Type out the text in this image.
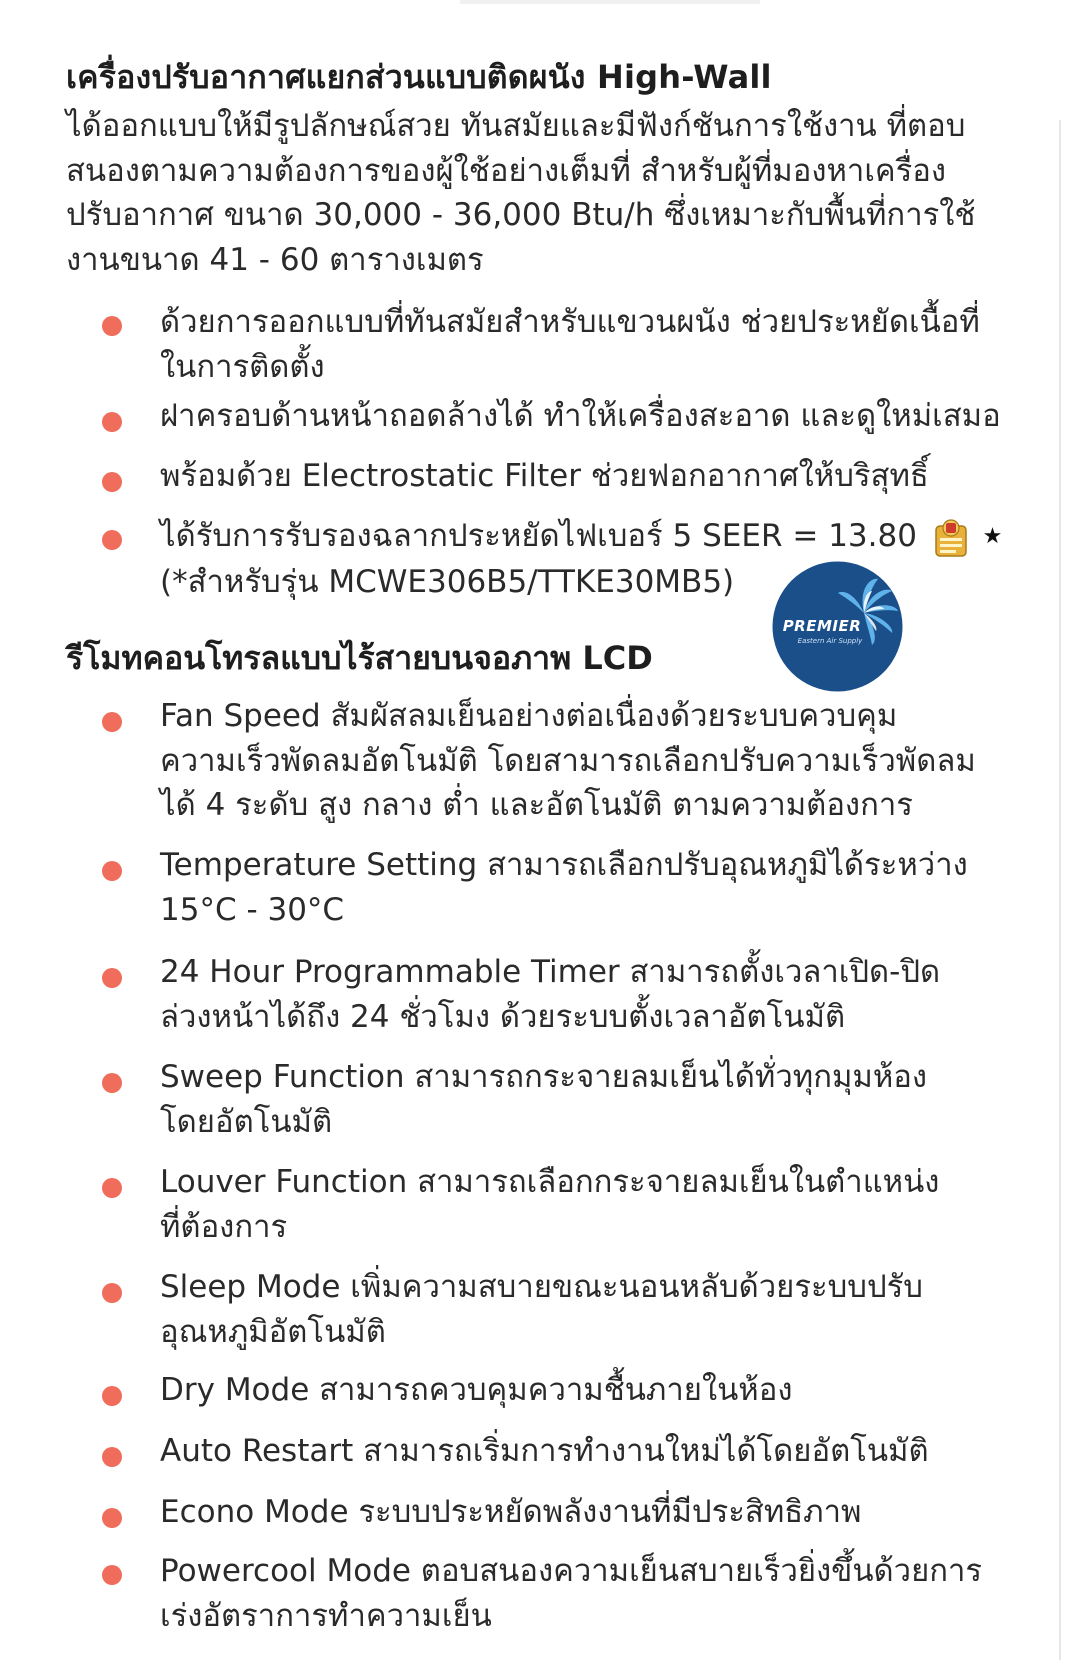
เครื่องปรับอากาศแยกส่วนแบบติดผนัง High-Wall
ได้ออกแบบให้มีรูปลักษณ์สวย ทันสมัยและมีฟังก์ชันการใช้งาน ที่ตอบ
สนองตามความต้องการของผู้ใช้อย่างเต็มที่ สำหรับผู้ที่มองหาเครื่อง
ปรับอากาศ ขนาด 30,000 - 36,000 Btu/h ซึ่งเหมาะกับพื้นที่การใช้
งานขนาด 41 - 60 ตารางเมตร
ด้วยการออกแบบที่ทันสมัยสำหรับแขวนผนัง ช่วยประหยัดเนื้อที่
ในการติดตั้ง
ฝาครอบด้านหน้าถอดล้างได้ ทำให้เครื่องสะอาด และดูใหม่เสมอ
พร้อมด้วย Electrostatic Filter ช่วยฟอกอากาศให้บริสุทธิ์
ได้รับการรับรองฉลากประหยัดไฟเบอร์ 5 SEER = 13.80	★
(*สำหรับรุ่น MCWE306B5/TTKE30MB5)
PREMIER
Eastern Air Supply
รีโมทคอนโทรลแบบไร้สายบนจอภาพ LCD
Fan Speed สัมผัสลมเย็นอย่างต่อเนื่องด้วยระบบควบคุม
ความเร็วพัดลมอัตโนมัติ โดยสามารถเลือกปรับความเร็วพัดลม
ได้ 4 ระดับ สูง กลาง ต่ำ และอัตโนมัติ ตามความต้องการ
Temperature Setting สามารถเลือกปรับอุณหภูมิได้ระหว่าง
15°C - 30°C
24 Hour Programmable Timer สามารถตั้งเวลาเปิด-ปิด
ล่วงหน้าได้ถึง 24 ชั่วโมง ด้วยระบบตั้งเวลาอัตโนมัติ
Sweep Function สามารถกระจายลมเย็นได้ทั่วทุกมุมห้อง
โดยอัตโนมัติ
Louver Function สามารถเลือกกระจายลมเย็นในตำแหน่ง
ที่ต้องการ
Sleep Mode เพิ่มความสบายขณะนอนหลับด้วยระบบปรับ
อุณหภูมิอัตโนมัติ
Dry Mode สามารถควบคุมความชื้นภายในห้อง
Auto Restart สามารถเริ่มการทำงานใหม่ได้โดยอัตโนมัติ
Econo Mode ระบบประหยัดพลังงานที่มีประสิทธิภาพ
Powercool Mode ตอบสนองความเย็นสบายเร็วยิ่งขึ้นด้วยการ
เร่งอัตราการทำความเย็น
